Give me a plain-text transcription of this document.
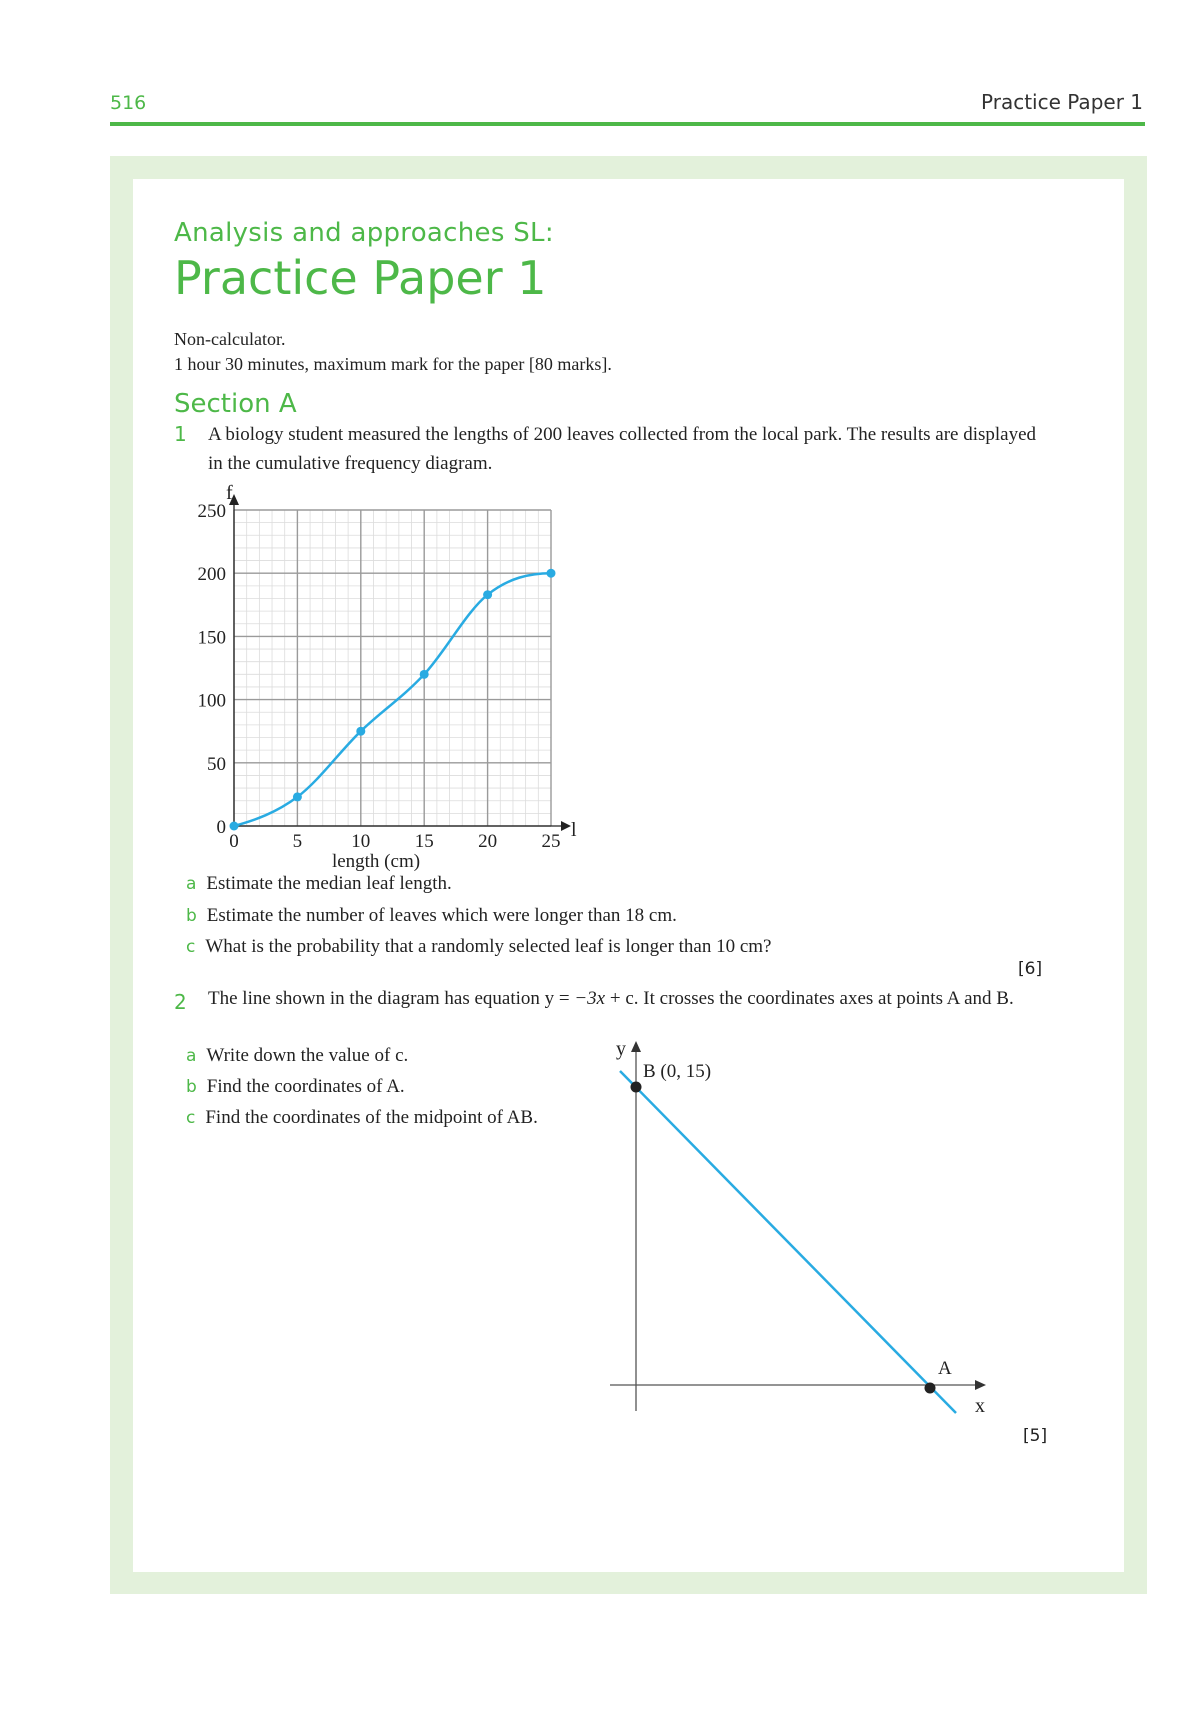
516	Practice Paper 1
Analysis and approaches SL:
Practice Paper 1
Non-calculator.
1 hour 30 minutes, maximum mark for the paper [80 marks].
Section A
1 A biology student measured the lengths of 200 leaves collected from the local park. The results are displayed in the cumulative frequency diagram.
0
50
100
150
200
250
0	5	10 15 20 25
f
l
length (cm)
a Estimate the median leaf length.
b Estimate the number of leaves which were longer than 18 cm.
c What is the probability that a randomly selected leaf is longer than 10 cm?
[6]
2 The line shown in the diagram has equation y = −3x + c. It crosses the coordinates axes at points A and B.
a Write down the value of c.
b Find the coordinates of A.
c Find the coordinates of the midpoint of AB.
y
B (0, 15)
A
x
[5]
